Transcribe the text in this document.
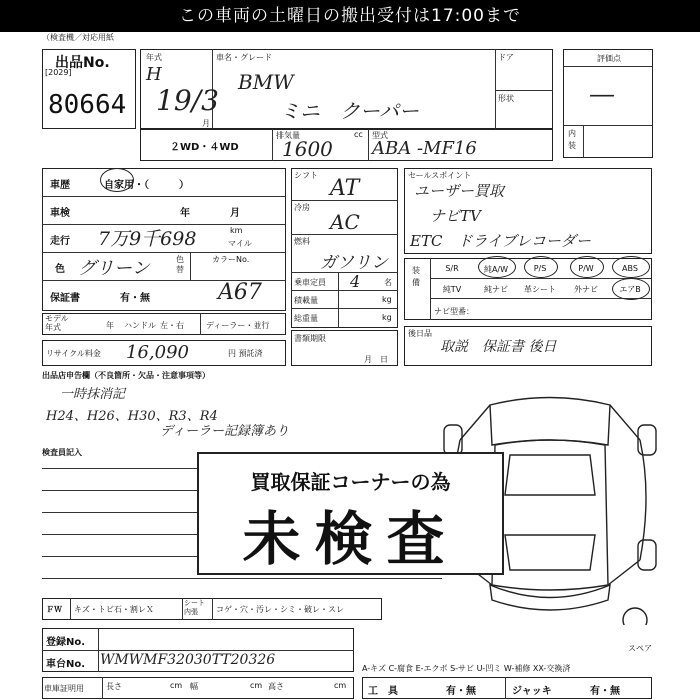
この車両の土曜日の搬出受付は17:00まで
（検査機／対応用紙
出品No.
[2029]
80664
年式
H
19/3
月
車名・グレード
BMW
ミニ　クーパー
ドア
形状
２WD・４WD
排気量	cc
1600
型式
ABA -MF16
評価点
―
内装
車歴	自家用・（　　　）
車検	年　　　　月
走行 7万9千698	km
マイル
色 グリーン	色替
カラーNo.
A67
保証書	有・無
モデル年式	年 ハンドル 左・右	ディーラー・並行
リサイクル料金 16,090	円 預託済
シフト
AT
冷房
AC
燃料
ガソリン
乗車定員 4	名
積載量	kg
総重量	kg
書類期限
月　日
セールスポイント
ユーザー買取
ナビTV
ETC　ドライブレコーダー
装備
S/R	純A/W	P/S	P/W	ABS
純TV	純ナビ	革シート	外ナビ	エアB
ナビ型番：
後日品
取説　保証書 後日
出品店申告欄（不良箇所・欠品・注意事項等）
一時抹消記
H24、H26、H30、R3、R4
ディーラー記録簿あり
検査員記入
買取保証コーナーの為
未検査
ＦＷ キズ・トビ石・割レＸ
シート内張	コゲ・穴・汚レ・シミ・破レ・スレ
登録No.
車台No. WMWMF32030TT20326
車庫証明用	長さ	cm 幅	cm 高さ	cm
スペア
A-キズ C-腐食 E-エクボ S-サビ U-凹ミ W-補修 XX-交換済
工　具	有・無	ジャッキ	有・無
